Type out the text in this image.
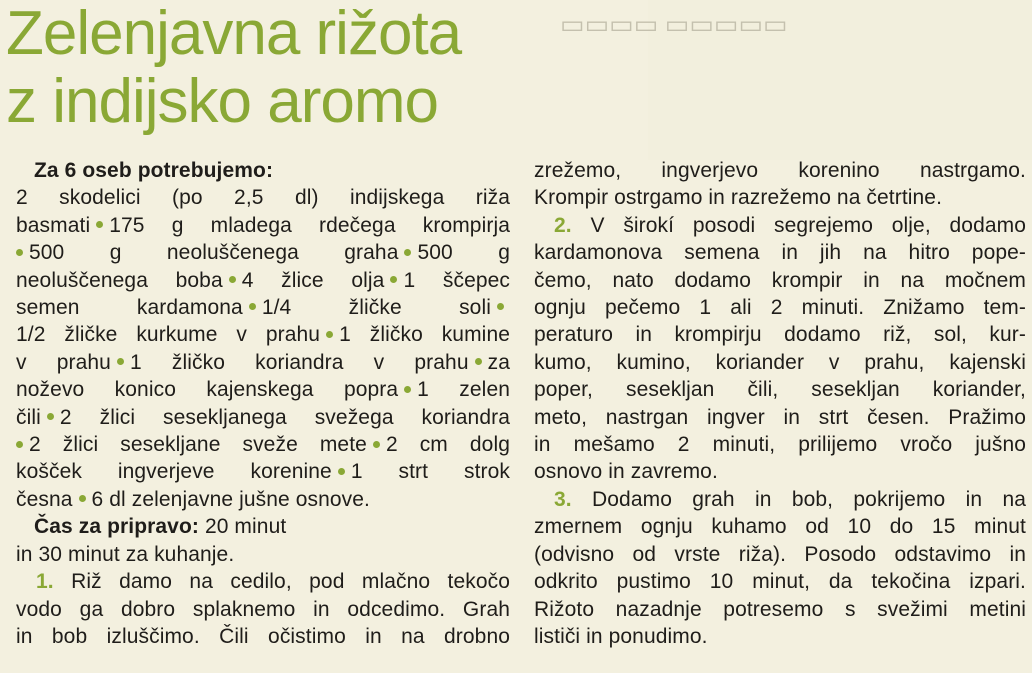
▭▭▭▭ ▭▭▭▭▭
Zelenjavna rižota
z indijsko aromo
Za 6 oseb potrebujemo:
2 skodelici (po 2,5 dl) indijskega riža
basmati 175 g mladega rdečega krompirja
500 g neoluščenega graha 500 g
neoluščenega boba 4 žlice olja 1 ščepec
semen kardamona 1/4 žličke soli
1/2 žličke kurkume v prahu 1 žličko kumine
v prahu 1 žličko koriandra v prahu za
noževo konico kajenskega popra 1 zelen
čili 2 žlici sesekljanega svežega koriandra
2 žlici sesekljane sveže mete 2 cm dolg
košček ingverjeve korenine 1 strt strok
česna 6 dl zelenjavne jušne osnove.
Čas za pripravo: 20 minut
in 30 minut za kuhanje.
1. Riž damo na cedilo, pod mlačno tekočo
vodo ga dobro splaknemo in odcedimo. Grah
in bob izluščimo. Čili očistimo in na drobno
zrežemo, ingverjevo korenino nastrgamo.
Krompir ostrgamo in razrežemo na četrtine.
2. V širokí posodi segrejemo olje, dodamo
kardamonova semena in jih na hitro pope-
čemo, nato dodamo krompir in na močnem
ognju pečemo 1 ali 2 minuti. Znižamo tem-
peraturo in krompirju dodamo riž, sol, kur-
kumo, kumino, koriander v prahu, kajenski
poper, sesekljan čili, sesekljan koriander,
meto, nastrgan ingver in strt česen. Pražimo
in mešamo 2 minuti, prilijemo vročo jušno
osnovo in zavremo.
3. Dodamo grah in bob, pokrijemo in na
zmernem ognju kuhamo od 10 do 15 minut
(odvisno od vrste riža). Posodo odstavimo in
odkrito pustimo 10 minut, da tekočina izpari.
Rižoto nazadnje potresemo s svežimi metini
lističi in ponudimo.
